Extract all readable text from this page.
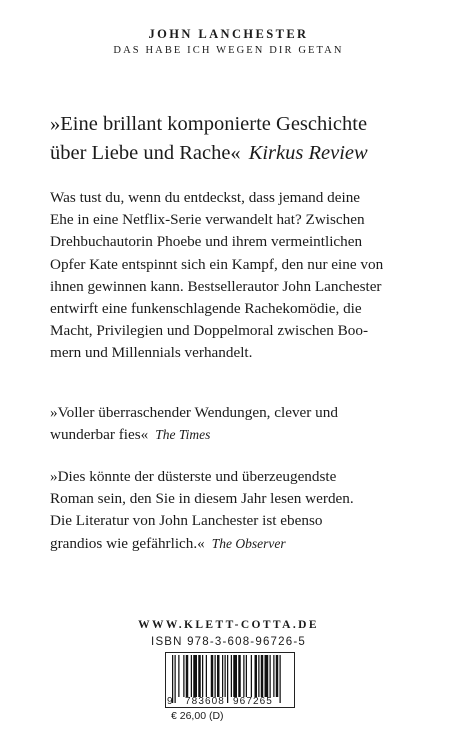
JOHN LANCHESTER
DAS HABE ICH WEGEN DIR GETAN
»Eine brillant komponierte Geschichte
über Liebe und Rache« Kirkus Review
Was tust du, wenn du entdeckst, dass jemand deine
Ehe in eine Netflix-Serie verwandelt hat? Zwischen
Drehbuchautorin Phoebe und ihrem vermeintlichen
Opfer Kate entspinnt sich ein Kampf, den nur eine von
ihnen gewinnen kann. Bestsellerautor John Lanchester
entwirft eine funkenschlagende Rachekomödie, die
Macht, Privilegien und Doppelmoral zwischen Boo-
mern und Millennials verhandelt.
»Voller überraschender Wendungen, clever und
wunderbar fies« The Times
»Dies könnte der düsterste und überzeugendste
Roman sein, den Sie in diesem Jahr lesen werden.
Die Literatur von John Lanchester ist ebenso
grandios wie gefährlich.« The Observer
WWW.KLETT-COTTA.DE
ISBN 978-3-608-96726-5
9 783608 967265
€ 26,00 (D)
